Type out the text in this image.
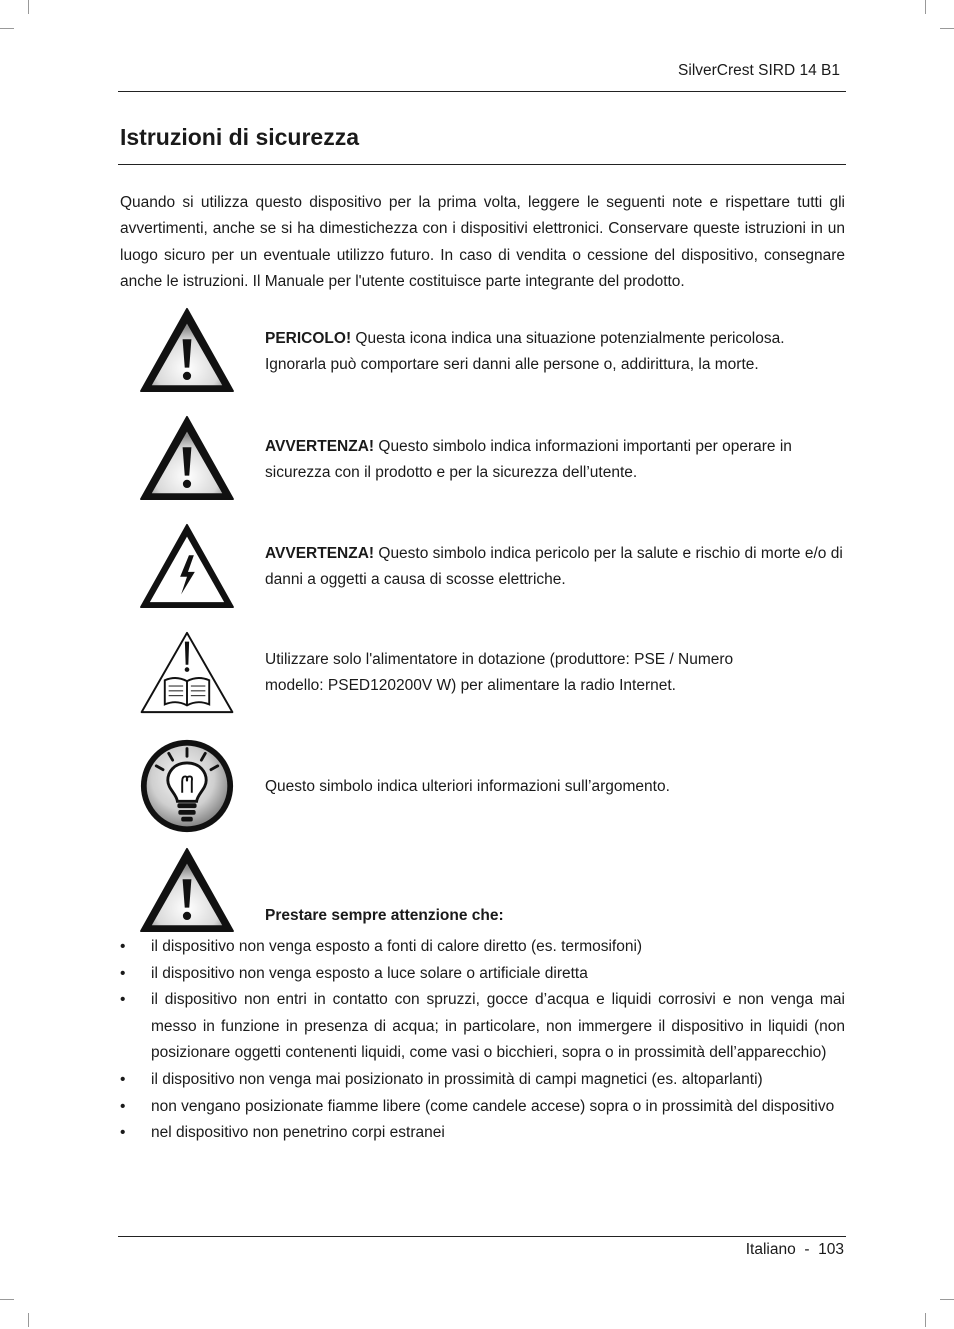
SilverCrest SIRD 14 B1
Istruzioni di sicurezza

Quando si utilizza questo dispositivo per la prima volta, leggere le seguenti note e rispettare tutti gli avvertimenti, anche se si ha dimestichezza con i dispositivi elettronici. Conservare queste istruzioni in un luogo sicuro per un eventuale utilizzo futuro. In caso di vendita o cessione del dispositivo, consegnare anche le istruzioni. Il Manuale per l'utente costituisce parte integrante del prodotto.

PERICOLO! Questa icona indica una situazione potenzialmente pericolosa. Ignorarla può comportare seri danni alle persone o, addirittura, la morte.
AVVERTENZA! Questo simbolo indica informazioni importanti per operare in sicurezza con il prodotto e per la sicurezza dell’utente.
AVVERTENZA! Questo simbolo indica pericolo per la salute e rischio di morte e/o di danni a oggetti a causa di scosse elettriche.
Utilizzare solo l'alimentatore in dotazione (produttore: PSE / Numero modello: PSED120200V W) per alimentare la radio Internet.
Questo simbolo indica ulteriori informazioni sull’argomento.
Prestare sempre attenzione che:
• il dispositivo non venga esposto a fonti di calore diretto (es. termosifoni)
• il dispositivo non venga esposto a luce solare o artificiale diretta
• il dispositivo non entri in contatto con spruzzi, gocce d’acqua e liquidi corrosivi e non venga mai messo in funzione in presenza di acqua; in particolare, non immergere il dispositivo in liquidi (non posizionare oggetti contenenti liquidi, come vasi o bicchieri, sopra o in prossimità dell’apparecchio)
• il dispositivo non venga mai posizionato in prossimità di campi magnetici (es. altoparlanti)
• non vengano posizionate fiamme libere (come candele accese) sopra o in prossimità del dispositivo
• nel dispositivo non penetrino corpi estranei
Italiano - 103
